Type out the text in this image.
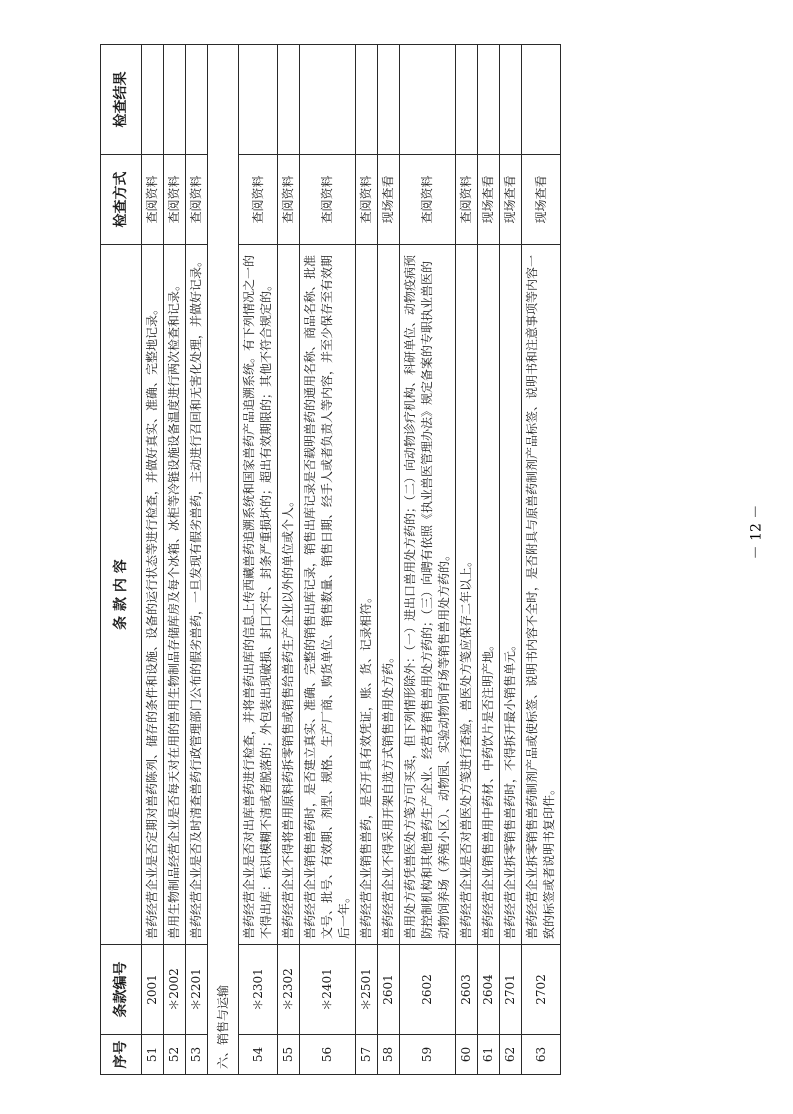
序号	条款编号	条 款 内 容	检查方式	检查结果
51	2001	兽药经营企业是否定期对兽药陈列、储存的条件和设施、设备的运行状态等进行检查，并做好真实、准确、完整地记录。	查阅资料	
52	＊2002	兽用生物制品经营企业是否每天对在用的兽用生物制品存储库房及每个冰箱、冰柜等冷链设施设备温度进行两次检查和记录。	查阅资料	
53	＊2201	兽药经营企业是否及时清查兽药行政管理部门公布的假劣兽药，一旦发现有假劣兽药，主动进行召回和无害化处理，并做好记录。	查阅资料	
六、销售与运输				
54	＊2301	兽药经营企业是否对出库兽药进行检查，并将兽药出库的信息上传西藏兽药追溯系统和国家兽药产品追溯系统。有下列情况之一的不得出库：标识模糊不清或者脱落的；外包装出现破损、封口不牢、封条严重损坏的；超出有效期限的；其他不符合规定的。	查阅资料	
55	＊2302	兽药经营企业不得将兽用原料药拆零销售或销售给兽药生产企业以外的单位或个人。	查阅资料	
56	＊2401	兽药经营企业销售兽药时，是否建立真实、准确、完整的销售出库记录，销售出库记录是否载明兽药的通用名称、商品名称、批准文号、批号、有效期、剂型、规格、生产厂商、购货单位、销售数量、销售日期、经手人或者负责人等内容，并至少保存至有效期后一年。	查阅资料	
57	＊2501	兽药经营企业销售兽药，是否开具有效凭证，账、货、记录相符。	查阅资料	
58	2601	兽药经营企业不得采用开架自选方式销售兽用处方药。	现场查看	
59	2602	兽用处方药凭兽医处方笺方可买卖，但下列情形除外：（一）进出口兽用处方药的；（二）向动物诊疗机构、科研单位、动物疫病预防控制机构和其他兽药生产企业、经营者销售兽用处方药的；（三）向聘有依照《执业兽医管理办法》规定备案的专职执业兽医的动物饲养场（养殖小区）、动物园、实验动物饲育场等销售兽用处方药的。	查阅资料	
60	2603	兽药经营企业是否对兽医处方笺进行查验，兽医处方笺应保存二年以上。	查阅资料	
61	2604	兽药经营企业销售兽用中药材、中药饮片是否注明产地。	现场查看	
62	2701	兽药经营企业拆零销售兽药时，不得拆开最小销售单元。	现场查看	
63	2702	兽药经营企业拆零销售兽药制剂产品或使标签、说明书内容不全时，是否附具与原兽药制剂产品标签、说明书和注意事项等内容一致的标签或者说明书复印件。	现场查看	
－ 12 －
